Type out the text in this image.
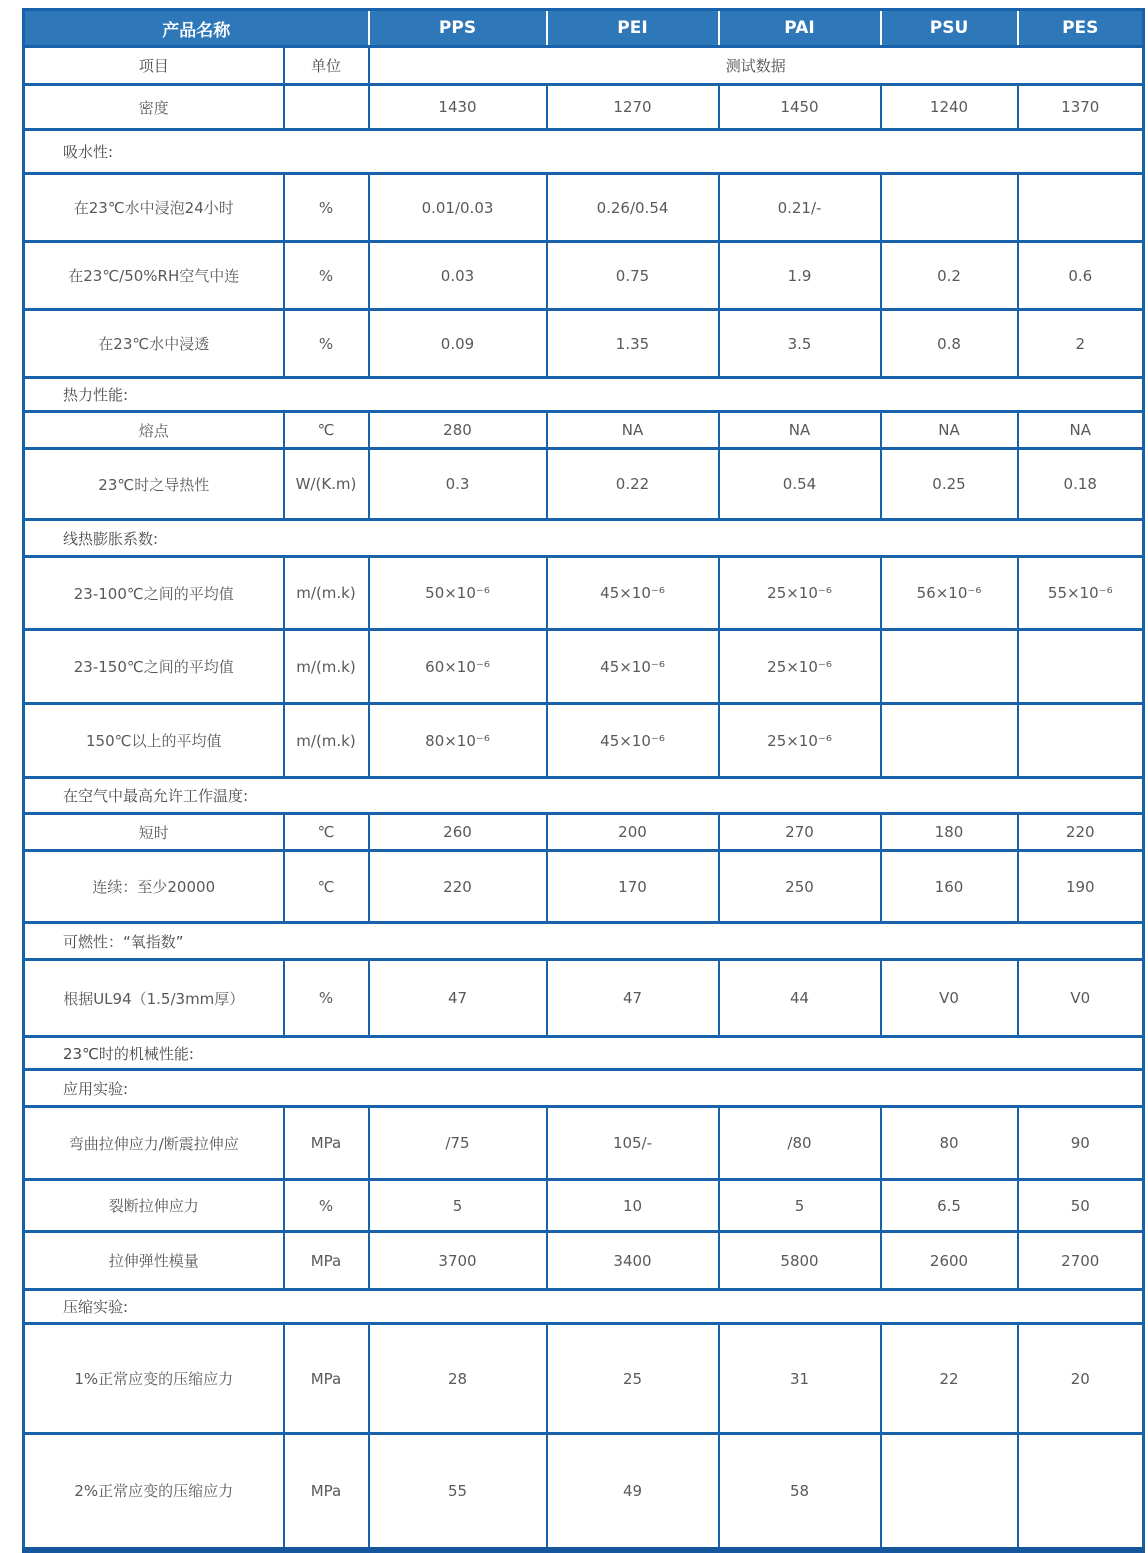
产品名称		PPS	PEI	PAI	PSU	PES
项目	单位	测试数据				
密度		1430	1270	1450	1240	1370
吸水性:						
在23℃水中浸泡24小时	%	0.01/0.03	0.26/0.54	0.21/-		
在23℃/50%RH空气中连	%	0.03	0.75	1.9	0.2	0.6
在23℃水中浸透	%	0.09	1.35	3.5	0.8	2
热力性能:						
熔点	℃	280	NA	NA	NA	NA
23℃时之导热性	W/(K.m)	0.3	0.22	0.54	0.25	0.18
线热膨胀系数:						
23-100℃之间的平均值	m/(m.k)	50×10⁻⁶	45×10⁻⁶	25×10⁻⁶	56×10⁻⁶	55×10⁻⁶
23-150℃之间的平均值	m/(m.k)	60×10⁻⁶	45×10⁻⁶	25×10⁻⁶		
150℃以上的平均值	m/(m.k)	80×10⁻⁶	45×10⁻⁶	25×10⁻⁶		
在空气中最高允许工作温度:						
短时	℃	260	200	270	180	220
连续：至少20000	℃	220	170	250	160	190
可燃性：“氧指数”						
根据UL94（1.5/3mm厚）	%	47	47	44	V0	V0
23℃时的机械性能:						
应用实验:						
弯曲拉伸应力/断震拉伸应	MPa	/75	105/-	/80	80	90
裂断拉伸应力	%	5	10	5	6.5	50
拉伸弹性模量	MPa	3700	3400	5800	2600	2700
压缩实验:						
1%正常应变的压缩应力	MPa	28	25	31	22	20
2%正常应变的压缩应力	MPa	55	49	58		
